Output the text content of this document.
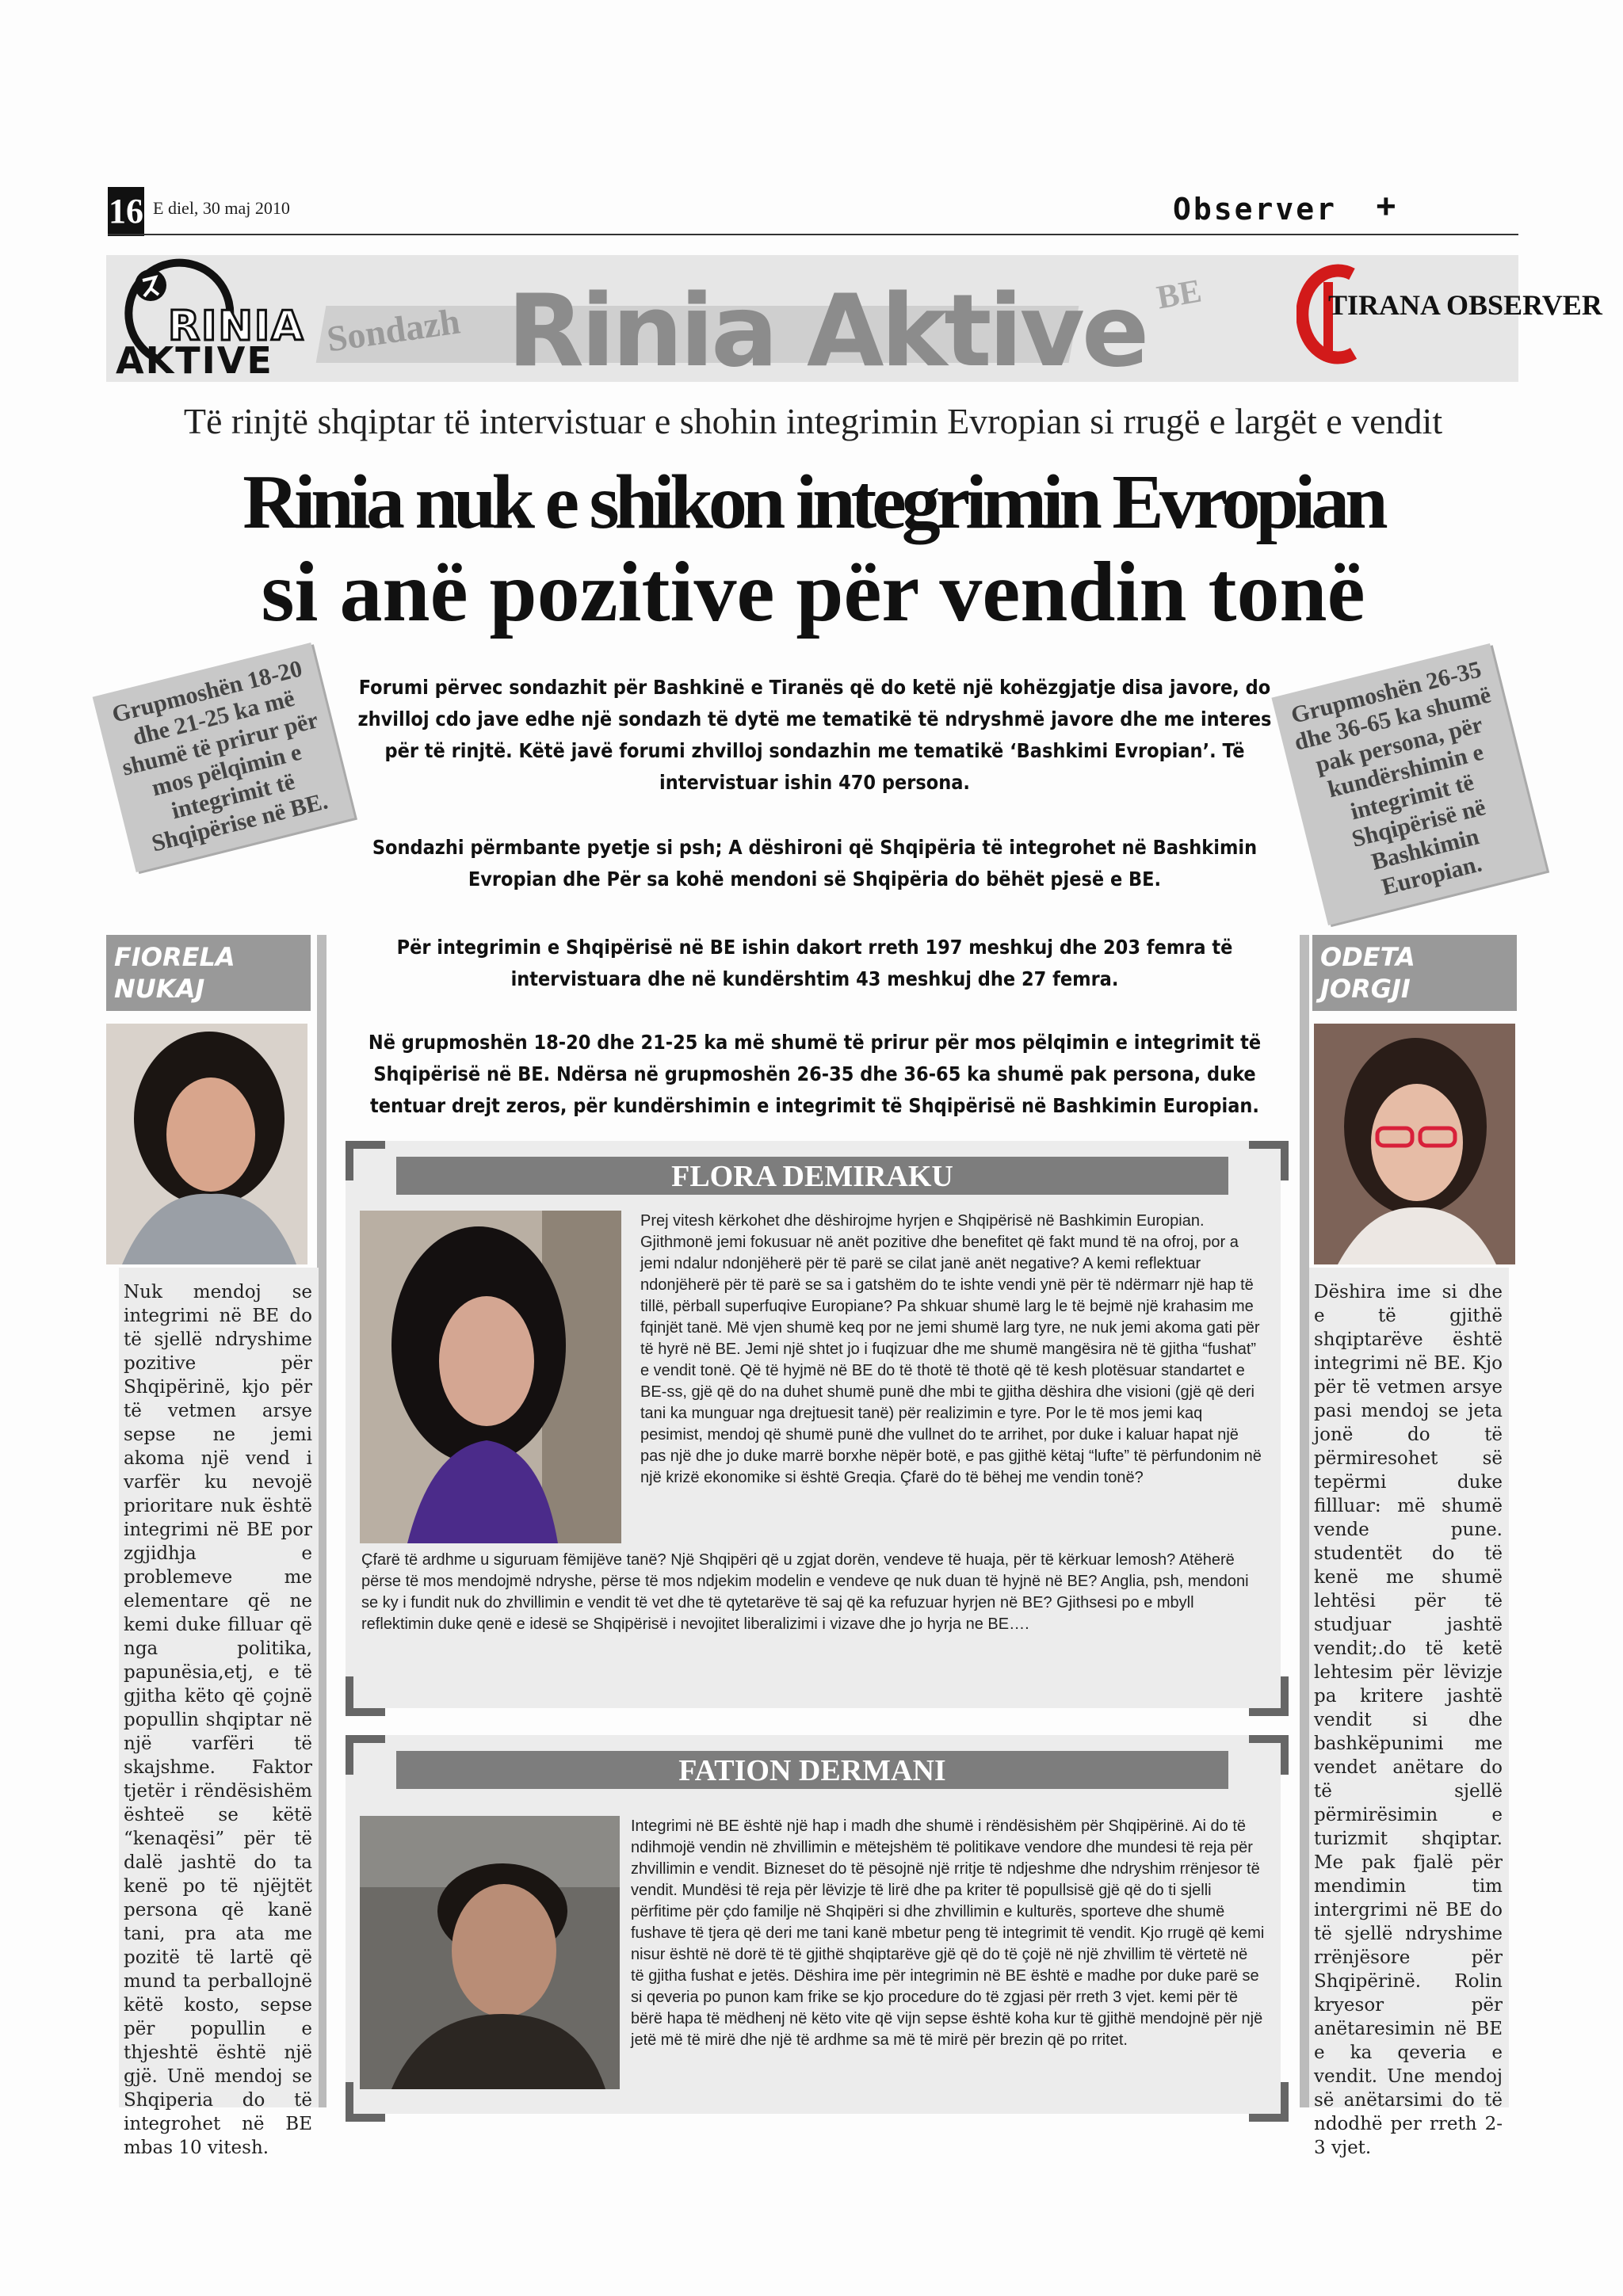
16 E diel, 30 maj 2010	Observer +
RINIA
AKTIVE
Sondazh Rinia Aktive BE	TIRANA OBSERVER
Të rinjtë shqiptar të intervistuar e shohin integrimin Evropian si rrugë e largët e vendit
Rinia nuk e shikon integrimin Evropian
si anë pozitive për vendin tonë
Grupmoshën 18-20 dhe 21-25 ka më shumë të prirur për mos pëlqimin e integrimit të Shqipërise në BE.
Grupmoshën 26-35 dhe 36-65 ka shumë pak persona, për kundërshimin e integrimit të Shqipërisë në Bashkimin Europian.
Forumi përvec sondazhit për Bashkinë e Tiranës që do ketë një kohëzgjatje disa javore, do zhvilloj cdo jave edhe një sondazh të dytë me tematikë të ndryshmë javore dhe me interes për të rinjtë. Këtë javë forumi zhvilloj sondazhin me tematikë ‘Bashkimi Evropian’. Të intervistuar ishin 470 persona.
Sondazhi përmbante pyetje si psh; A dëshironi që Shqipëria të integrohet në Bashkimin Evropian dhe Për sa kohë mendoni së Shqipëria do bëhët pjesë e BE.
Për integrimin e Shqipërisë në BE ishin dakort rreth 197 meshkuj dhe 203 femra të intervistuara dhe në kundërshtim 43 meshkuj dhe 27 femra.
Në grupmoshën 18-20 dhe 21-25 ka më shumë të prirur për mos pëlqimin e integrimit të Shqipërisë në BE. Ndërsa në grupmoshën 26-35 dhe 36-65 ka shumë pak persona, duke tentuar drejt zeros, për kundërshimin e integrimit të Shqipërisë në Bashkimin Europian.
FIORELA
NUKAJ
Nuk mendoj se integrimi në BE do të sjellë ndryshime pozitive për Shqipërinë, kjo për të vetmen arsye sepse ne jemi akoma një vend i varfër ku nevojë prioritare nuk është integrimi në BE por zgjidhja e problemeve me elementare që ne kemi duke filluar që nga politika, papunësia,etj, e të gjitha këto që çojnë popullin shqiptar në një varfëri të skajshme. Faktor tjetër i rëndësishëm ështeë se këtë “kenaqësi” për të dalë jashtë do ta kenë po të njëjtët persona që kanë tani, pra ata me pozitë të lartë që mund ta perballojnë këtë kosto, sepse për popullin e thjeshtë është një gjë. Unë mendoj se Shqiperia do të integrohet në BE mbas 10 vitesh.
ODETA
JORGJI
Dëshira ime si dhe e të gjithë shqiptarëve është integrimi në BE. Kjo për të vetmen arsye pasi mendoj se jeta jonë do të përmiresohet së tepërmi duke fillluar: më shumë vende pune. studentët do të kenë me shumë lehtësi për të studjuar jashtë vendit;.do të ketë lehtesim për lëvizje pa kritere jashtë vendit si dhe bashkëpunimi me vendet anëtare do të sjellë përmirësimin e turizmit shqiptar. Me pak fjalë për mendimin tim intergrimi në BE do të sjellë ndryshime rrënjësore për Shqipërinë. Rolin kryesor për anëtaresimin në BE e ka qeveria e vendit. Une mendoj së anëtarsimi do të ndodhë per rreth 2-3 vjet.
FLORA DEMIRAKU
Prej vitesh kërkohet dhe dëshirojme hyrjen e Shqipërisë në Bashkimin Europian. Gjithmonë jemi fokusuar në anët pozitive dhe benefitet që fakt mund të na ofroj, por a jemi ndalur ndonjëherë për të parë se cilat janë anët negative? A kemi reflektuar ndonjëherë për të parë se sa i gatshëm do te ishte vendi ynë për të ndërmarr një hap të tillë, përball superfuqive Europiane? Pa shkuar shumë larg le të bejmë një krahasim me fqinjët tanë. Më vjen shumë keq por ne jemi shumë larg tyre, ne nuk jemi akoma gati për të hyrë në BE. Jemi një shtet jo i fuqizuar dhe me shumë mangësira në të gjitha “fushat” e vendit tonë. Që të hyjmë në BE do të thotë të thotë që të kesh plotësuar standartet e BE-ss, gjë që do na duhet shumë punë dhe mbi te gjitha dëshira dhe visioni (gjë që deri tani ka munguar nga drejtuesit tanë) për realizimin e tyre. Por le të mos jemi kaq pesimist, mendoj që shumë punë dhe vullnet do te arrihet, por duke i kaluar hapat një pas një dhe jo duke marrë borxhe nëpër botë, e pas gjithë këtaj “lufte” të përfundonim në një krizë ekonomike si është Greqia. Çfarë do të bëhej me vendin tonë?
Çfarë të ardhme u siguruam fëmijëve tanë? Një Shqipëri që u zgjat dorën, vendeve të huaja, për të kërkuar lemosh? Atëherë përse të mos mendojmë ndryshe, përse të mos ndjekim modelin e vendeve qe nuk duan të hyjnë në BE? Anglia, psh, mendoni se ky i fundit nuk do zhvillimin e vendit të vet dhe të qytetarëve të saj që ka refuzuar hyrjen në BE? Gjithsesi po e mbyll reflektimin duke qenë e idesë se Shqipërisë i nevojitet liberalizimi i vizave dhe jo hyrja ne BE….
FATION DERMANI
Integrimi në BE është një hap i madh dhe shumë i rëndësishëm për Shqipërinë. Ai do të ndihmojë vendin në zhvillimin e mëtejshëm të politikave vendore dhe mundesi të reja për zhvillimin e vendit. Bizneset do të pësojnë një rritje të ndjeshme dhe ndryshim rrënjesor të vendit. Mundësi të reja për lëvizje të lirë dhe pa kriter të popullsisë gjë që do ti sjelli përfitime për çdo familje në Shqipëri si dhe zhvillimin e kulturës, sporteve dhe shumë fushave të tjera që deri me tani kanë mbetur peng të integrimit të vendit. Kjo rrugë që kemi nisur është në dorë të të gjithë shqiptarëve gjë që do të çojë në një zhvillim të vërtetë në të gjitha fushat e jetës. Dëshira ime për integrimin në BE është e madhe por duke parë se si qeveria po punon kam frike se kjo procedure do të zgjasi për rreth 3 vjet. kemi për të bërë hapa të mëdhenj në këto vite që vijn sepse është koha kur të gjithë mendojnë për një jetë më të mirë dhe një të ardhme sa më të mirë për brezin që po rritet.
